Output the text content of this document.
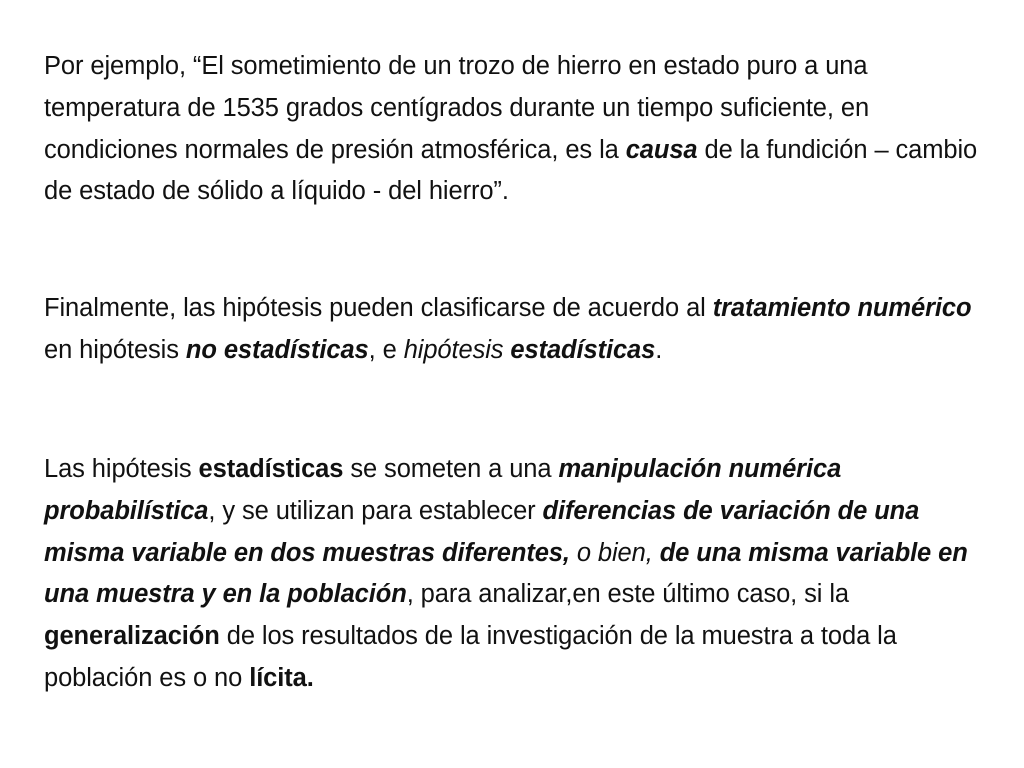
Por ejemplo, “El sometimiento de un trozo de hierro en estado puro a una temperatura de 1535 grados centígrados durante un tiempo suficiente, en condiciones normales de presión atmosférica, es la causa de la fundición – cambio de estado de sólido a líquido - del hierro”.

Finalmente, las hipótesis pueden clasificarse de acuerdo al tratamiento numérico en hipótesis no estadísticas, e hipótesis estadísticas.

Las hipótesis estadísticas se someten a una manipulación numérica probabilística, y se utilizan para establecer diferencias de variación de una misma variable en dos muestras diferentes, o bien, de una misma variable en una muestra y en la población, para analizar,en este último caso, si la generalización de los resultados de la investigación de la muestra a toda la población es o no lícita.
